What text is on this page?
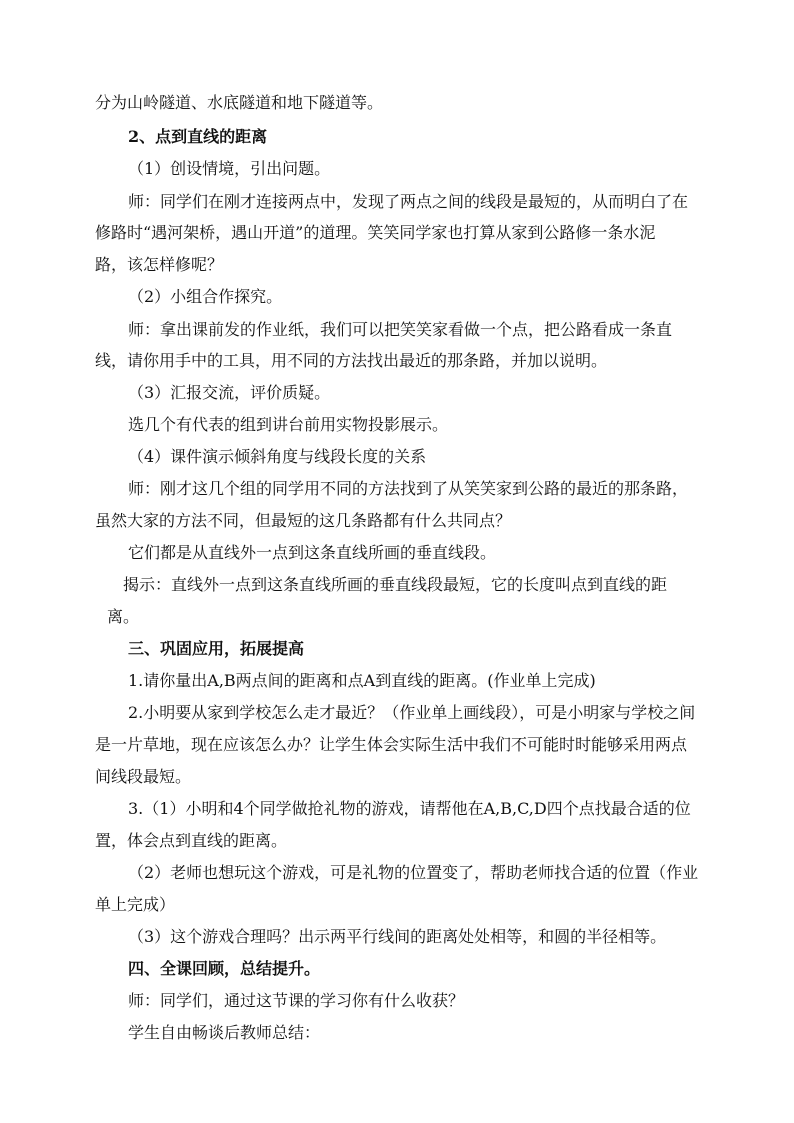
分为山岭隧道、水底隧道和地下隧道等。
2、点到直线的距离
（1）创设情境，引出问题。
师：同学们在刚才连接两点中，发现了两点之间的线段是最短的，从而明白了在
修路时“遇河架桥，遇山开道”的道理。笑笑同学家也打算从家到公路修一条水泥
路，该怎样修呢？
（2）小组合作探究。
师：拿出课前发的作业纸，我们可以把笑笑家看做一个点，把公路看成一条直
线，请你用手中的工具，用不同的方法找出最近的那条路，并加以说明。
（3）汇报交流，评价质疑。
选几个有代表的组到讲台前用实物投影展示。
（4）课件演示倾斜角度与线段长度的关系
师：刚才这几个组的同学用不同的方法找到了从笑笑家到公路的最近的那条路，
虽然大家的方法不同，但最短的这几条路都有什么共同点？
它们都是从直线外一点到这条直线所画的垂直线段。
揭示：直线外一点到这条直线所画的垂直线段最短，它的长度叫点到直线的距
离。
三、巩固应用，拓展提高
1.请你量出A,B两点间的距离和点A到直线的距离。(作业单上完成)
2.小明要从家到学校怎么走才最近？（作业单上画线段），可是小明家与学校之间
是一片草地，现在应该怎么办？让学生体会实际生活中我们不可能时时能够采用两点
间线段最短。
3.（1）小明和4个同学做抢礼物的游戏，请帮他在A,B,C,D四个点找最合适的位
置，体会点到直线的距离。
（2）老师也想玩这个游戏，可是礼物的位置变了，帮助老师找合适的位置（作业
单上完成）
（3）这个游戏合理吗？出示两平行线间的距离处处相等，和圆的半径相等。
四、全课回顾，总结提升。
师：同学们，通过这节课的学习你有什么收获？
学生自由畅谈后教师总结：
